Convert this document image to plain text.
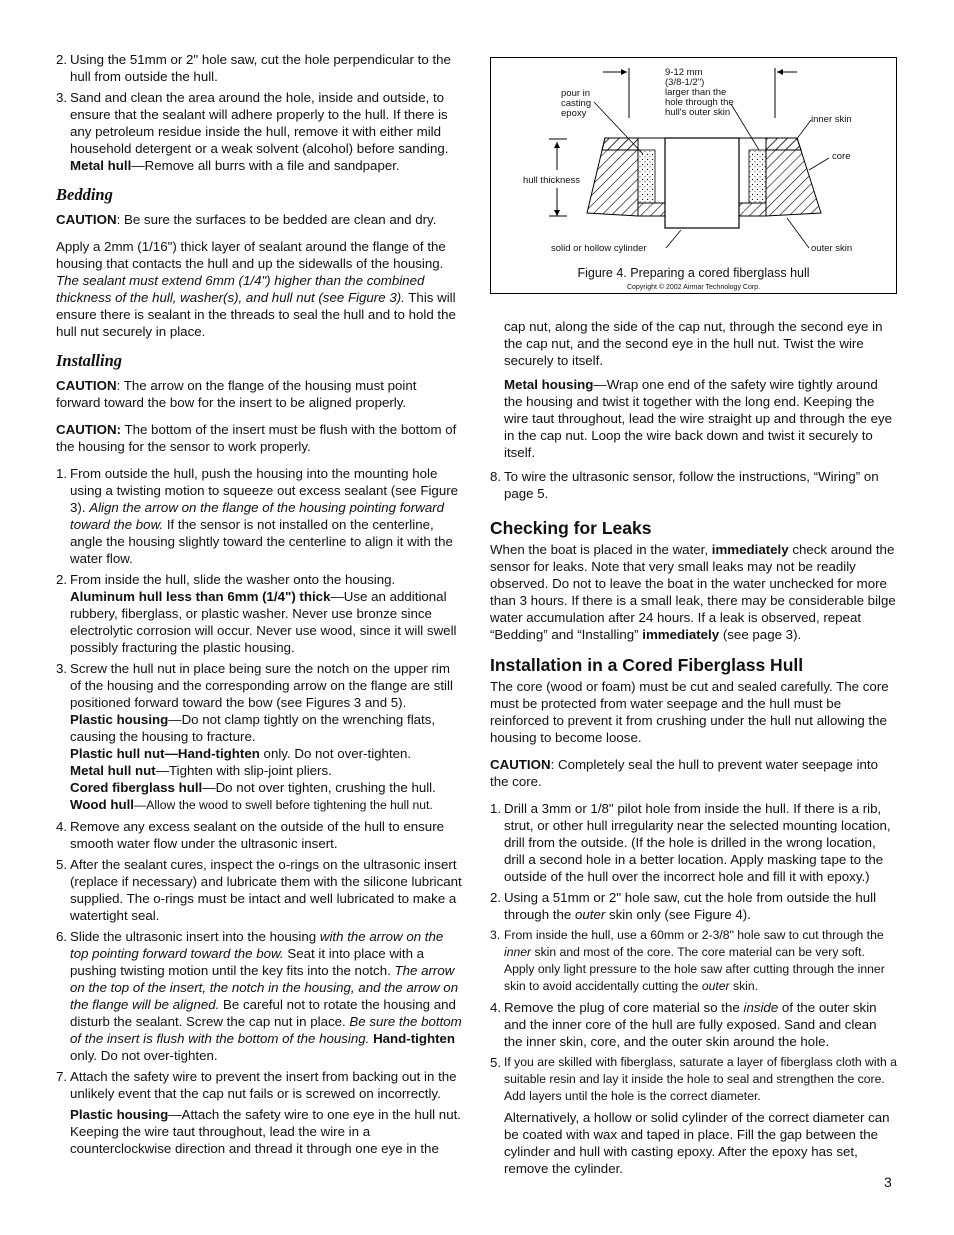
2. Using the 51mm or 2" hole saw, cut the hole perpendicular to the hull from outside the hull.
3. Sand and clean the area around the hole, inside and outside, to ensure that the sealant will adhere properly to the hull. If there is any petroleum residue inside the hull, remove it with either mild household detergent or a weak solvent (alcohol) before sanding. Metal hull—Remove all burrs with a file and sandpaper.
Bedding

CAUTION: Be sure the surfaces to be bedded are clean and dry.

Apply a 2mm (1/16") thick layer of sealant around the flange of the housing that contacts the hull and up the sidewalls of the housing. The sealant must extend 6mm (1/4") higher than the combined thickness of the hull, washer(s), and hull nut (see Figure 3). This will ensure there is sealant in the threads to seal the hull and to hold the hull nut securely in place.

Installing

CAUTION: The arrow on the flange of the housing must point forward toward the bow for the insert to be aligned properly.

CAUTION: The bottom of the insert must be flush with the bottom of the housing for the sensor to work properly.

1. From outside the hull, push the housing into the mounting hole using a twisting motion to squeeze out excess sealant (see Figure 3). Align the arrow on the flange of the housing pointing forward toward the bow. If the sensor is not installed on the centerline, angle the housing slightly toward the centerline to align it with the water flow.
2. From inside the hull, slide the washer onto the housing.
Aluminum hull less than 6mm (1/4") thick—Use an additional rubbery, fiberglass, or plastic washer. Never use bronze since electrolytic corrosion will occur. Never use wood, since it will swell possibly fracturing the plastic housing.
3. Screw the hull nut in place being sure the notch on the upper rim of the housing and the corresponding arrow on the flange are still positioned forward toward the bow (see Figures 3 and 5).
Plastic housing—Do not clamp tightly on the wrenching flats, causing the housing to fracture.
Plastic hull nut—Hand-tighten only. Do not over-tighten.
Metal hull nut—Tighten with slip-joint pliers.
Cored fiberglass hull—Do not over tighten, crushing the hull.
Wood hull—Allow the wood to swell before tightening the hull nut.
4. Remove any excess sealant on the outside of the hull to ensure smooth water flow under the ultrasonic insert.
5. After the sealant cures, inspect the o-rings on the ultrasonic insert (replace if necessary) and lubricate them with the silicone lubricant supplied. The o-rings must be intact and well lubricated to make a watertight seal.
6. Slide the ultrasonic insert into the housing with the arrow on the top pointing forward toward the bow. Seat it into place with a pushing twisting motion until the key fits into the notch. The arrow on the top of the insert, the notch in the housing, and the arrow on the flange will be aligned. Be careful not to rotate the housing and disturb the sealant. Screw the cap nut in place. Be sure the bottom of the insert is flush with the bottom of the housing. Hand-tighten only. Do not over-tighten.
7. Attach the safety wire to prevent the insert from backing out in the unlikely event that the cap nut fails or is screwed on incorrectly.

Plastic housing—Attach the safety wire to one eye in the hull nut. Keeping the wire taut throughout, lead the wire in a counterclockwise direction and thread it through one eye in the

pour in
casting
epoxy
9-12 mm
(3/8-1/2")
larger than the
hole through the
hull's outer skin
inner skin
core
hull thickness
solid or hollow cylinder	outer skin
Figure 4. Preparing a cored fiberglass hull
Copyright © 2002 Airmar Technology Corp.

cap nut, along the side of the cap nut, through the second eye in the cap nut, and the second eye in the hull nut. Twist the wire securely to itself.

Metal housing—Wrap one end of the safety wire tightly around the housing and twist it together with the long end. Keeping the wire taut throughout, lead the wire straight up and through the eye in the cap nut. Loop the wire back down and twist it securely to itself.

8. To wire the ultrasonic sensor, follow the instructions, “Wiring” on page 5.
Checking for Leaks

When the boat is placed in the water, immediately check around the sensor for leaks. Note that very small leaks may not be readily observed. Do not to leave the boat in the water unchecked for more than 3 hours. If there is a small leak, there may be considerable bilge water accumulation after 24 hours. If a leak is observed, repeat “Bedding” and “Installing” immediately (see page 3).

Installation in a Cored Fiberglass Hull

The core (wood or foam) must be cut and sealed carefully. The core must be protected from water seepage and the hull must be reinforced to prevent it from crushing under the hull nut allowing the housing to become loose.

CAUTION: Completely seal the hull to prevent water seepage into the core.

1. Drill a 3mm or 1/8" pilot hole from inside the hull. If there is a rib, strut, or other hull irregularity near the selected mounting location, drill from the outside. (If the hole is drilled in the wrong location, drill a second hole in a better location. Apply masking tape to the outside of the hull over the incorrect hole and fill it with epoxy.)
2. Using a 51mm or 2" hole saw, cut the hole from outside the hull through the outer skin only (see Figure 4).
3. From inside the hull, use a 60mm or 2-3/8" hole saw to cut through the inner skin and most of the core. The core material can be very soft. Apply only light pressure to the hole saw after cutting through the inner skin to avoid accidentally cutting the outer skin.
4. Remove the plug of core material so the inside of the outer skin and the inner core of the hull are fully exposed. Sand and clean the inner skin, core, and the outer skin around the hole.
5. If you are skilled with fiberglass, saturate a layer of fiberglass cloth with a suitable resin and lay it inside the hole to seal and strengthen the core. Add layers until the hole is the correct diameter.

Alternatively, a hollow or solid cylinder of the correct diameter can be coated with wax and taped in place. Fill the gap between the cylinder and hull with casting epoxy. After the epoxy has set, remove the cylinder.

3
